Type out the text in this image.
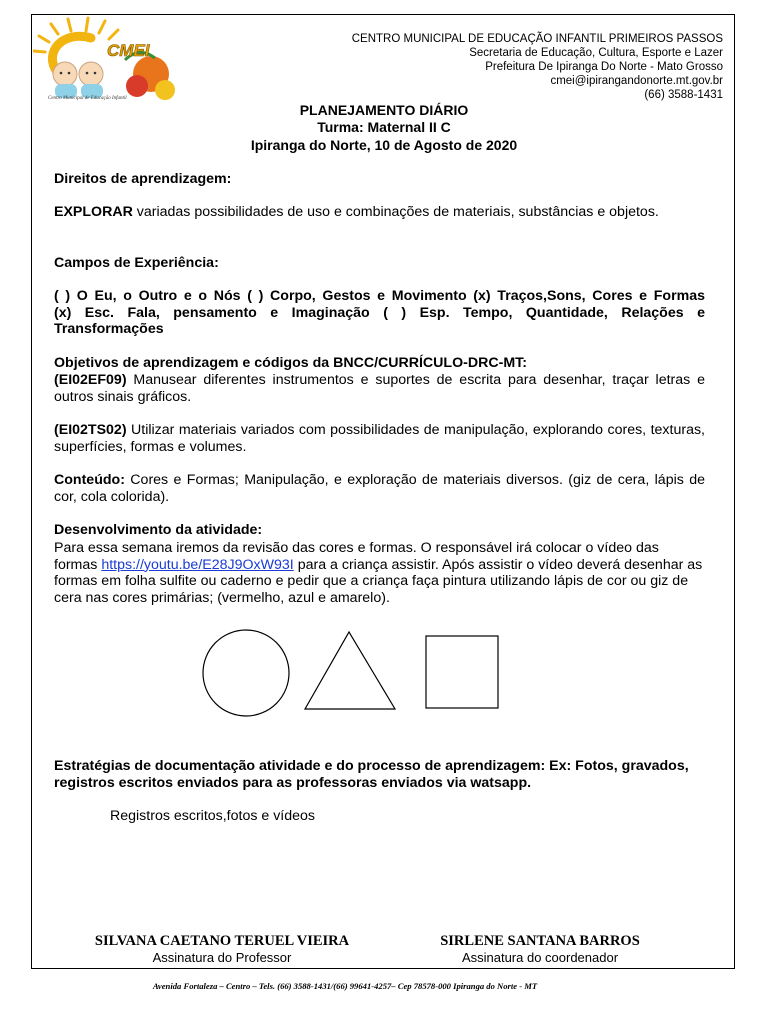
CMEI
Centro Municipal de Educação Infantil
CENTRO MUNICIPAL DE EDUCAÇÃO INFANTIL PRIMEIROS PASSOS
Secretaria de Educação, Cultura, Esporte e Lazer
Prefeitura De Ipiranga Do Norte - Mato Grosso
cmei@ipirangandonorte.mt.gov.br
(66) 3588-1431
PLANEJAMENTO DIÁRIO
Turma: Maternal II C
Ipiranga do Norte, 10 de Agosto de 2020
Direitos de aprendizagem:
EXPLORAR variadas possibilidades de uso e combinações de materiais, substâncias e objetos.
Campos de Experiência:
( ) O Eu, o Outro e o Nós ( ) Corpo, Gestos e Movimento (x) Traços,Sons, Cores e Formas (x) Esc. Fala, pensamento e Imaginação ( ) Esp. Tempo, Quantidade, Relações e Transformações
Objetivos de aprendizagem e códigos da BNCC/CURRÍCULO-DRC-MT:
(EI02EF09) Manusear diferentes instrumentos e suportes de escrita para desenhar, traçar letras e outros sinais gráficos.
(EI02TS02) Utilizar materiais variados com possibilidades de manipulação, explorando cores, texturas, superfícies, formas e volumes.
Conteúdo: Cores e Formas; Manipulação, e exploração de materiais diversos. (giz de cera, lápis de cor, cola colorida).
Desenvolvimento da atividade:
Para essa semana iremos da revisão das cores e formas. O responsável irá colocar o vídeo das formas https://youtu.be/E28J9OxW93I para a criança assistir. Após assistir o vídeo deverá desenhar as formas em folha sulfite ou caderno e pedir que a criança faça pintura utilizando lápis de cor ou giz de cera nas cores primárias; (vermelho, azul e amarelo).
Estratégias de documentação atividade e do processo de aprendizagem: Ex: Fotos, gravados, registros escritos enviados para as professoras enviados via watsapp.
Registros escritos,fotos e vídeos
SILVANA CAETANO TERUEL VIEIRA
Assinatura do Professor
SIRLENE SANTANA BARROS
Assinatura do coordenador
Avenida Fortaleza – Centro – Tels. (66) 3588-1431/(66) 99641-4257– Cep 78578-000 Ipiranga do Norte - MT
